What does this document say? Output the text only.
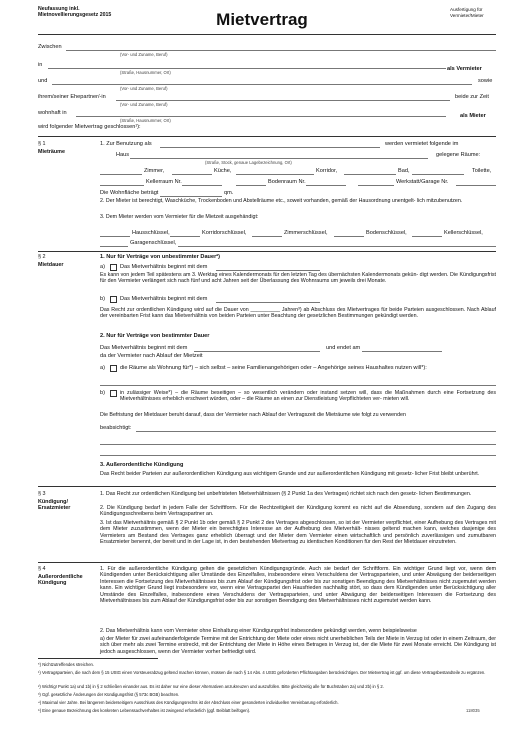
Neufassung inkl.
Mietnovellierungsgesetz 2015	Mietvertrag
Ausfertigung für
Vermieter/Mieter
Zwischen
(Vor- und Zuname, Beruf)
in
(Straße, Hausnummer, Ort)
als Vermieter
und
(Vor- und Zuname, Beruf)
sowie
ihrem/seiner Ehepartner/-in
(Vor- und Zuname, Beruf)
beide zur Zeit
wohnhaft in
(Straße, Hausnummer, Ort)
als Mieter
wird folgender Mietvertrag geschlossen¹):
§ 1
Mieträume
1. Zur Benutzung als	werden vermietet folgende im
Haus	gelegene Räume:
(Straße, Stock, genaue Lagebezeichnung, Ort)
Zimmer,	Küche,	Korridor,	Bad,	Toilette,
Kellerraum Nr.	Bodenraum Nr.	Werkstatt/Garage Nr.
Die Wohnfläche beträgt	qm.
2. Der Mieter ist berechtigt, Waschküche, Trockenboden und Abstellräume etc., soweit vorhanden, gemäß der Hausordnung unentgelt- lich mitzubenutzen.
3. Dem Mieter werden vom Vermieter für die Mietzeit ausgehändigt:
Hausschlüssel,	Korridorschlüssel,	Zimmerschlüssel,	Bodenschlüssel,	Kellerschlüssel,
Garagenschlüssel,
§ 2
Mietdauer
1. Nur für Verträge von unbestimmter Dauer²)
a)	Das Mietverhältnis beginnt mit dem
Es kann von jedem Teil spätestens am 3. Werktag eines Kalendermonats für den letzten Tag des übernächsten Kalendermonats gekün- digt werden. Die Kündigungsfrist für den Vermieter verlängert sich nach fünf und acht Jahren seit der Überlassung des Wohnraums um jeweils drei Monate.
b)	Das Mietverhältnis beginnt mit dem
Das Recht zur ordentlichen Kündigung wird auf die Dauer von __________ Jahren³) ab Abschluss des Mietvertrages für beide Parteien ausgeschlossen. Nach Ablauf der vereinbarten Frist kann das Mietverhältnis von beiden Parteien unter Beachtung der gesetzlichen Bestimmungen gekündigt werden.
2. Nur für Verträge von bestimmter Dauer
Das Mietverhältnis beginnt mit dem	und endet am
da der Vermieter nach Ablauf der Mietzeit
a)	die Räume als Wohnung für*) – sich selbst – seine Familienangehörigen oder – Angehörige seines Haushaltes nutzen will*):
b)	in zulässiger Weise*) – die Räume beseitigen – so wesentlich verändern oder instand setzen will, dass die Maßnahmen durch eine Fortsetzung des Mietverhältnisses erheblich erschwert würden, oder – die Räume an einen zur Dienstleistung Verpflichteten ver- mieten will.
Die Befristung der Mietdauer beruht darauf, dass der Vermieter nach Ablauf der Vertragszeit die Mieträume wie folgt zu verwenden
beabsichtigt:
3. Außerordentliche Kündigung
Das Recht beider Parteien zur außerordentlichen Kündigung aus wichtigem Grunde und zur außerordentlichen Kündigung mit gesetz- licher Frist bleibt unberührt.
§ 3
Kündigung/
Ersatzmieter
1. Das Recht zur ordentlichen Kündigung bei unbefristeten Mietverhältnissen (§ 2 Punkt 1a des Vertrages) richtet sich nach den gesetz- lichen Bestimmungen.
2. Die Kündigung bedarf in jedem Falle der Schriftform. Für die Rechtzeitigkeit der Kündigung kommt es nicht auf die Absendung, sondern auf den Zugang des Kündigungsschreibens beim Vertragspartner an.
3. Ist das Mietverhältnis gemäß § 2 Punkt 1b oder gemäß § 2 Punkt 2 des Vertrages abgeschlossen, so ist der Vermieter verpflichtet, einer Aufhebung des Vertrages mit dem Mieter zuzustimmen, wenn der Mieter ein berechtigtes Interesse an der Aufhebung des Mietverhält- nisses geltend machen kann, welches dasjenige des Vermieters am Bestand des Vertrages ganz erheblich überragt und der Mieter dem Vermieter einen wirtschaftlich und persönlich zuverlässigen und zumutbaren Ersatzmieter benennt, der bereit und in der Lage ist, in den bestehenden Mietvertrag zu identischen Konditionen für den Rest der Mietdauer einzutreten.
§ 4
Außerordentliche
Kündigung
1. Für die außerordentliche Kündigung gelten die gesetzlichen Kündigungsgründe. Auch sie bedarf der Schriftform. Ein wichtiger Grund liegt vor, wenn dem Kündigenden unter Berücksichtigung aller Umstände des Einzelfalles, insbesondere eines Verschuldens der Vertragsparteien, und unter Abwägung der beiderseitigen Interessen die Fortsetzung des Mietverhältnisses bis zum Ablauf der Kündigungsfrist oder bis zur sonstigen Beendigung des Mietverhältnisses nicht zugemutet werden kann. Ein wichtiger Grund liegt insbesondere vor, wenn eine Vertragspartei den Hausfrieden nachhaltig stört, so dass dem Kündigenden unter Berücksichtigung aller Umstände des Einzelfalles, insbesondere eines Verschuldens der Vertragsparteien, und unter Abwägung der beiderseitigen Interessen die Fortsetzung des Mietverhältnisses bis zum Ablauf der Kündigungsfrist oder bis zur sonstigen Beendigung des Mietverhältnisses nicht zugemutet werden kann.
2. Das Mietverhältnis kann vom Vermieter ohne Einhaltung einer Kündigungsfrist insbesondere gekündigt werden, wenn beispielsweise
a) der Mieter für zwei aufeinanderfolgende Termine mit der Entrichtung der Miete oder eines nicht unerheblichen Teils der Miete in Verzug ist oder in einem Zeitraum, der sich über mehr als zwei Termine erstreckt, mit der Entrichtung der Miete in Höhe eines Betrages in Verzug ist, der die Miete für zwei Monate erreicht. Die Kündigung ist jedoch ausgeschlossen, wenn der Vermieter vorher befriedigt wird.
*) Nichtzutreffendes streichen.
¹) Vertragsparteien, die nach dem § 15 UStG einen Vorsteuerabzug geltend machen können, müssen die nach § 14 Abs. 4 UStG geforderten Pflichtangaben berücksichtigen. Der Mietvertrag ist ggf. um diese Vertragsbestandteile zu ergänzen.
²) Wichtig! Punkt 1a) und 1b) in § 2 schließen einander aus. Es ist daher nur eine dieser Alternativen anzukreuzen und auszufüllen. Bitte gleichzeitig alle für Buchstaben 2a) und 2b) in § 2.
³) Ggf. gesetzliche Änderungen der Kündigungsfrist (§ 573c BGB) beachten.
⁴) Maximal vier Jahre. Bei längerem beiderseitigem Ausschluss des Kündigungsrechts ist der Abschluss einer gesonderten individuellen Vereinbarung erforderlich.
⁵) Eine genaue Bezeichnung des konkreten Lebenssachverhaltes ist zwingend erforderlich (ggf. Beiblatt beifügen).	118035
